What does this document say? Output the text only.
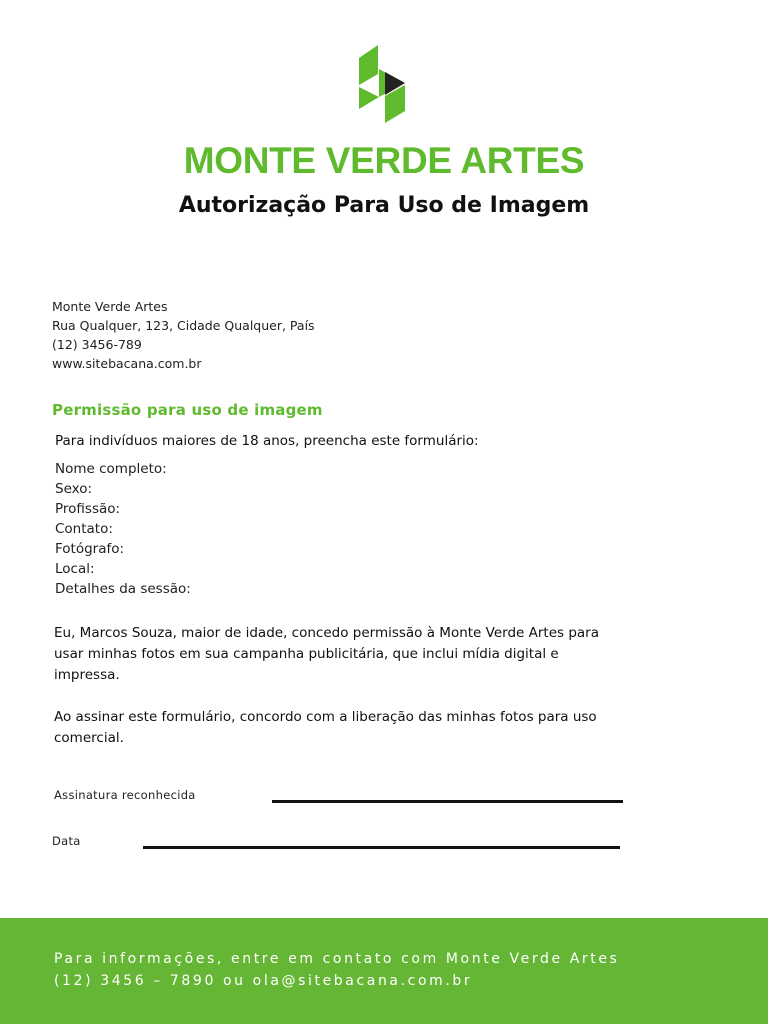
MONTE VERDE ARTES
Autorização Para Uso de Imagem
Monte Verde Artes
Rua Qualquer, 123, Cidade Qualquer, País
(12) 3456-789
www.sitebacana.com.br
Permissão para uso de imagem
Para indivíduos maiores de 18 anos, preencha este formulário:
Nome completo:
Sexo:
Profissão:
Contato:
Fotógrafo:
Local:
Detalhes da sessão:

Eu, Marcos Souza, maior de idade, concedo permissão à Monte Verde Artes para usar minhas fotos em sua campanha publicitária, que inclui mídia digital e impressa.

Ao assinar este formulário, concordo com a liberação das minhas fotos para uso comercial.

Assinatura reconhecida
Data
Para informações, entre em contato com Monte Verde Artes
(12) 3456 – 7890 ou ola@sitebacana.com.br
